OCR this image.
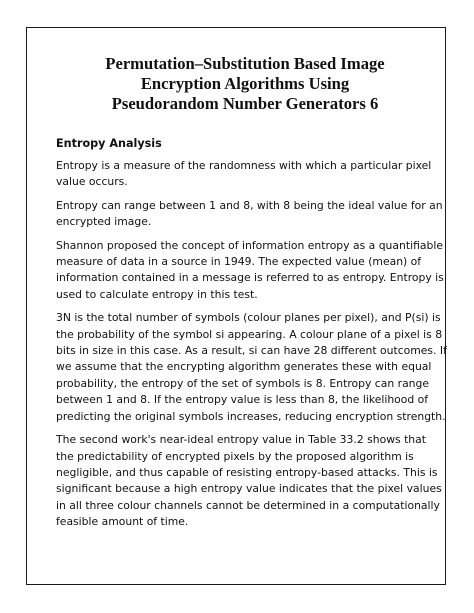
Permutation–Substitution Based Image
Encryption Algorithms Using
Pseudorandom Number Generators 6
Entropy Analysis

Entropy is a measure of the randomness with which a particular pixel
value occurs.

Entropy can range between 1 and 8, with 8 being the ideal value for an
encrypted image.

Shannon proposed the concept of information entropy as a quantifiable
measure of data in a source in 1949. The expected value (mean) of
information contained in a message is referred to as entropy. Entropy is
used to calculate entropy in this test.

3N is the total number of symbols (colour planes per pixel), and P(si) is
the probability of the symbol si appearing. A colour plane of a pixel is 8
bits in size in this case. As a result, si can have 28 different outcomes. If
we assume that the encrypting algorithm generates these with equal
probability, the entropy of the set of symbols is 8. Entropy can range
between 1 and 8. If the entropy value is less than 8, the likelihood of
predicting the original symbols increases, reducing encryption strength.

The second work's near-ideal entropy value in Table 33.2 shows that
the predictability of encrypted pixels by the proposed algorithm is
negligible, and thus capable of resisting entropy-based attacks. This is
significant because a high entropy value indicates that the pixel values
in all three colour channels cannot be determined in a computationally
feasible amount of time.
